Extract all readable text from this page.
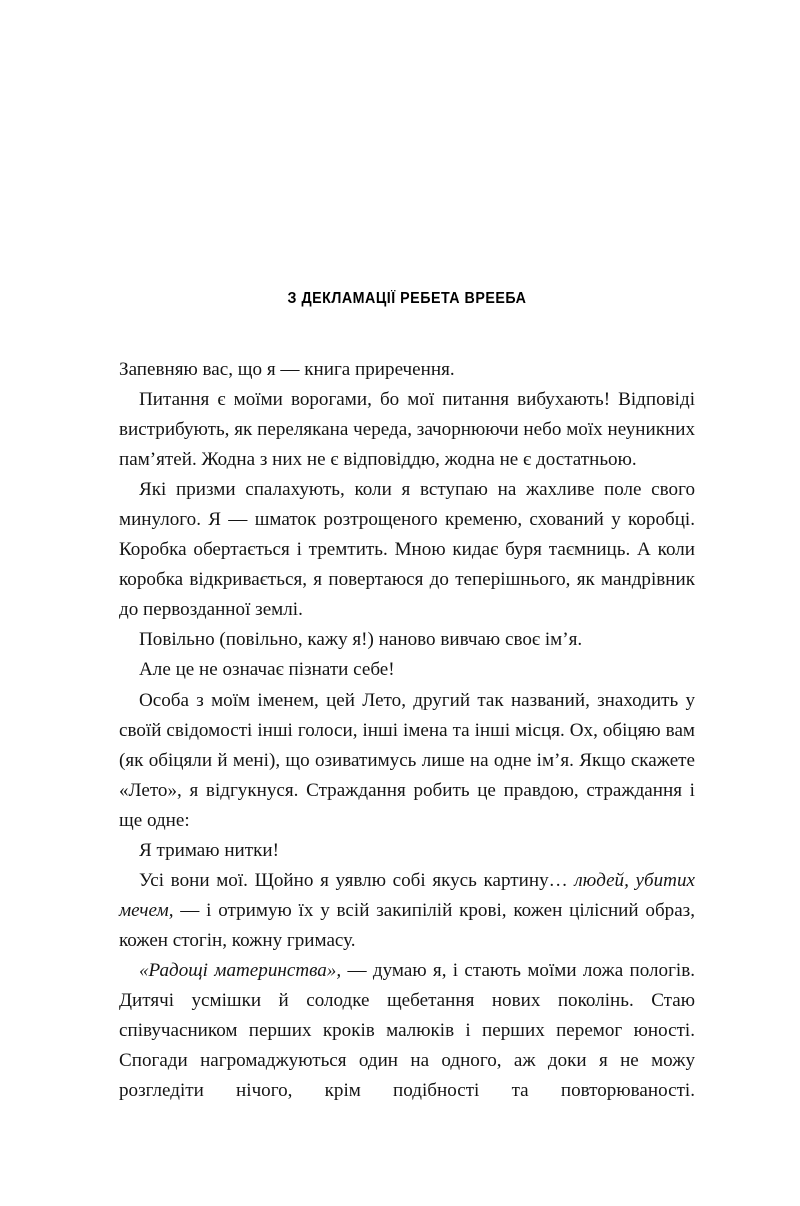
З ДЕКЛАМАЦІЇ РЕБЕТА ВРЕЕБА

Запевняю вас, що я — книга приречення.

Питання є моїми ворогами, бо мої питання вибухають! Відповіді вистрибують, як перелякана череда, зачорнюючи небо моїх неуникних пам’ятей. Жодна з них не є відповіддю, жодна не є достатньою.

Які призми спалахують, коли я вступаю на жахливе поле свого минулого. Я — шматок розтрощеного кременю, схований у коробці. Коробка обертається і тремтить. Мною кидає буря таємниць. А коли коробка відкривається, я повертаюся до теперішнього, як мандрівник до первозданної землі.

Повільно (повільно, кажу я!) наново вивчаю своє ім’я.

Але це не означає пізнати себе!

Особа з моїм іменем, цей Лето, другий так названий, знаходить у своїй свідомості інші голоси, інші імена та інші місця. Ох, обіцяю вам (як обіцяли й мені), що озиватимусь лише на одне ім’я. Якщо скажете «Лето», я відгукнуся. Страждання робить це правдою, страждання і ще одне:

Я тримаю нитки!

Усі вони мої. Щойно я уявлю собі якусь картину… людей, убитих мечем, — і отримую їх у всій закипілій крові, кожен цілісний образ, кожен стогін, кожну гримасу.

«Радощі материнства», — думаю я, і стають моїми ложа пологів. Дитячі усмішки й солодке щебетання нових поколінь. Стаю співучасником перших кроків малюків і перших перемог юності. Спогади нагромаджуються один на одного, аж доки я не можу розгледіти нічого, крім подібності та повторюваності.
